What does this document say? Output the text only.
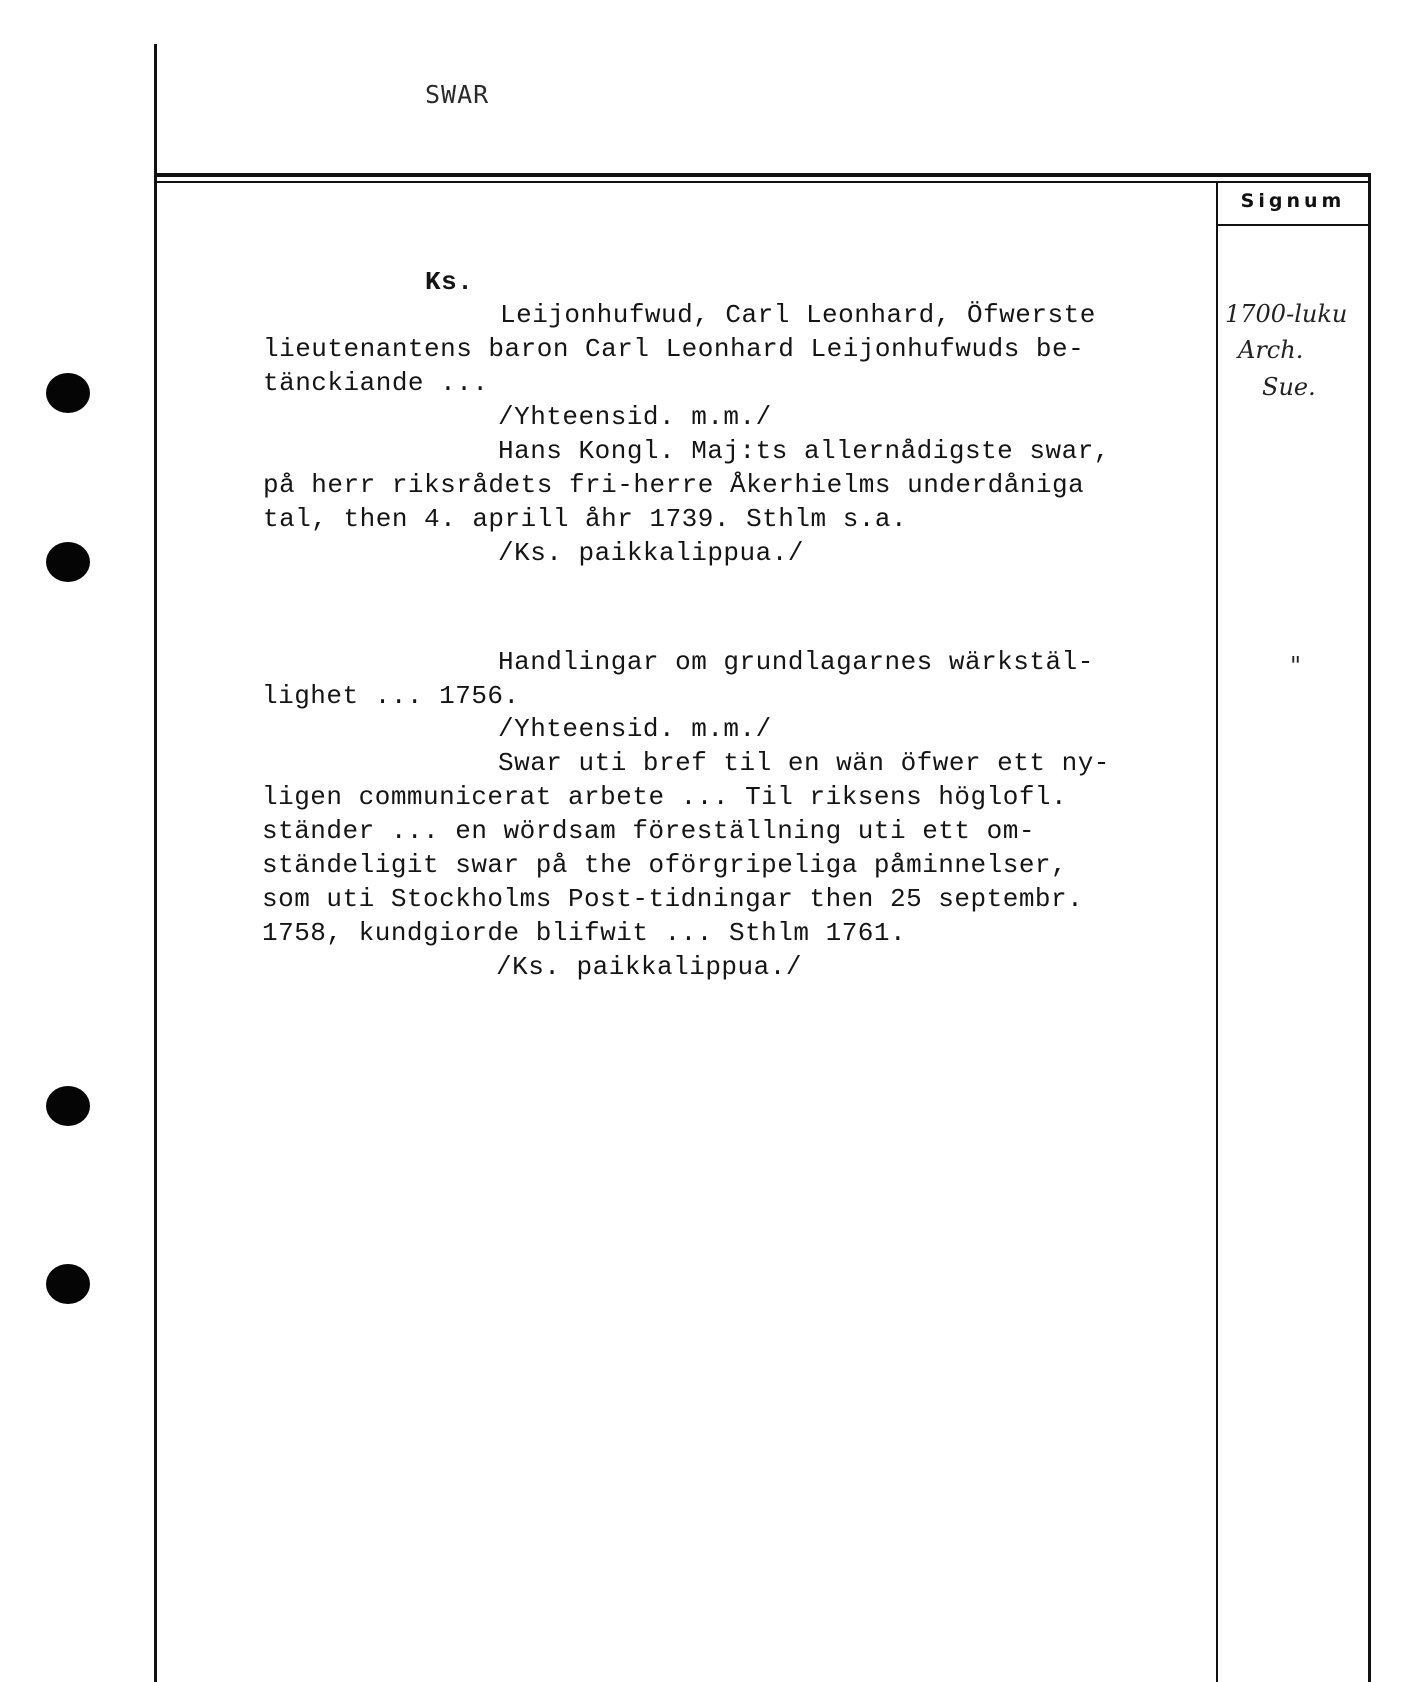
SWAR
Signum
Ks.
Leijonhufwud, Carl Leonhard, Öfwerste
lieutenantens baron Carl Leonhard Leijonhufwuds be-
tänckiande ...
/Yhteensid. m.m./
Hans Kongl. Maj:ts allernådigste swar,
på herr riksrådets fri-herre Åkerhielms underdåniga
tal, then 4. aprill åhr 1739. Sthlm s.a.
/Ks. paikkalippua./
1700-luku
Arch.
Sue.
Handlingar om grundlagarnes wärkstäl-
lighet ... 1756.
/Yhteensid. m.m./
Swar uti bref til en wän öfwer ett ny-
ligen communicerat arbete ... Til riksens höglofl.
ständer ... en wördsam föreställning uti ett om-
ständeligit swar på the oförgripeliga påminnelser,
som uti Stockholms Post-tidningar then 25 septembr.
1758, kundgiorde blifwit ... Sthlm 1761.
/Ks. paikkalippua./
"
